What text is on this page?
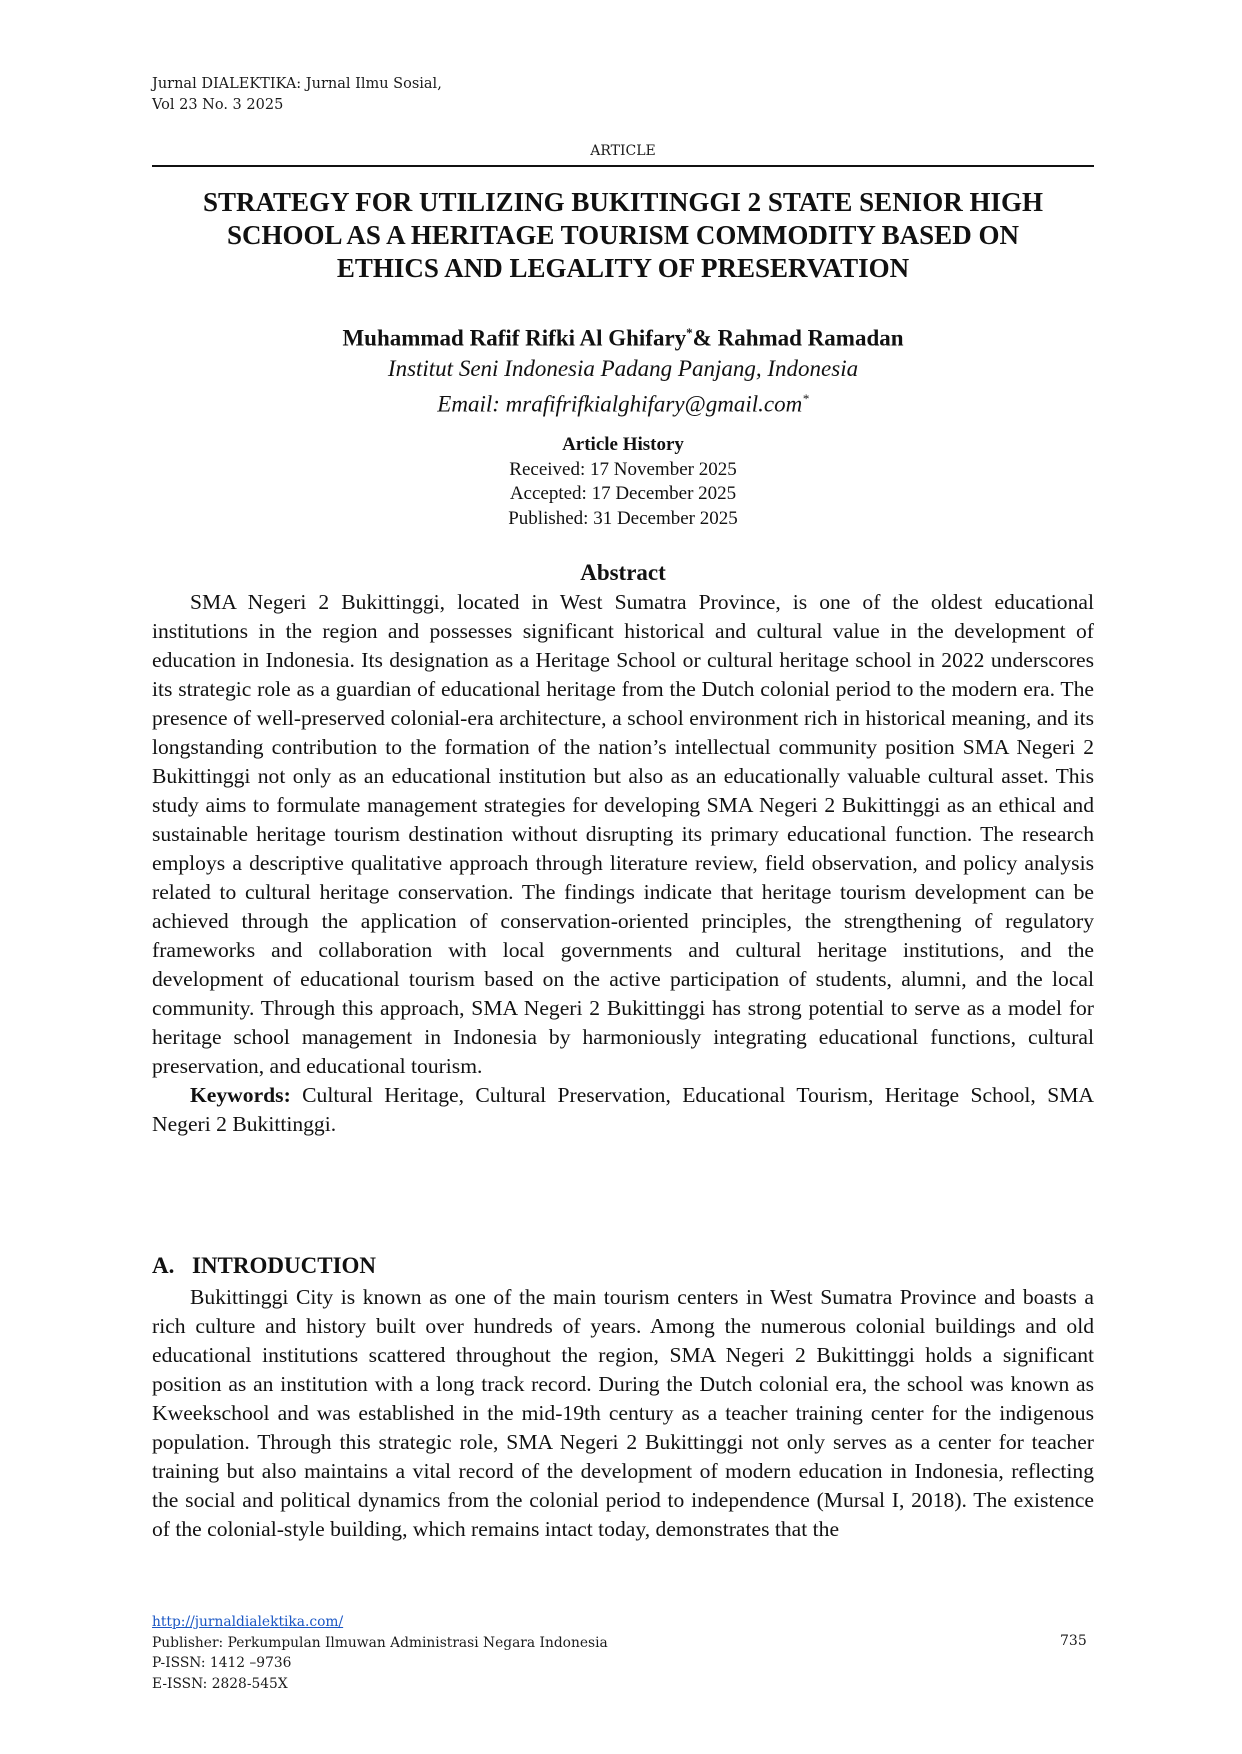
Jurnal DIALEKTIKA: Jurnal Ilmu Sosial,
Vol 23 No. 3 2025
ARTICLE
STRATEGY FOR UTILIZING BUKITINGGI 2 STATE SENIOR HIGH
SCHOOL AS A HERITAGE TOURISM COMMODITY BASED ON
ETHICS AND LEGALITY OF PRESERVATION
Muhammad Rafif Rifki Al Ghifary*& Rahmad Ramadan
Institut Seni Indonesia Padang Panjang, Indonesia
Email: mrafifrifkialghifary@gmail.com*
Article History
Received: 17 November 2025
Accepted: 17 December 2025
Published: 31 December 2025
Abstract

SMA Negeri 2 Bukittinggi, located in West Sumatra Province, is one of the oldest educational institutions in the region and possesses significant historical and cultural value in the development of education in Indonesia. Its designation as a Heritage School or cultural heritage school in 2022 underscores its strategic role as a guardian of educational heritage from the Dutch colonial period to the modern era. The presence of well-preserved colonial-era architecture, a school environment rich in historical meaning, and its longstanding contribution to the formation of the nation’s intellectual community position SMA Negeri 2 Bukittinggi not only as an educational institution but also as an educationally valuable cultural asset. This study aims to formulate management strategies for developing SMA Negeri 2 Bukittinggi as an ethical and sustainable heritage tourism destination without disrupting its primary educational function. The research employs a descriptive qualitative approach through literature review, field observation, and policy analysis related to cultural heritage conservation. The findings indicate that heritage tourism development can be achieved through the application of conservation-oriented principles, the strengthening of regulatory frameworks and collaboration with local governments and cultural heritage institutions, and the development of educational tourism based on the active participation of students, alumni, and the local community. Through this approach, SMA Negeri 2 Bukittinggi has strong potential to serve as a model for heritage school management in Indonesia by harmoniously integrating educational functions, cultural preservation, and educational tourism.

Keywords: Cultural Heritage, Cultural Preservation, Educational Tourism, Heritage School, SMA Negeri 2 Bukittinggi.

A. INTRODUCTION

Bukittinggi City is known as one of the main tourism centers in West Sumatra Province and boasts a rich culture and history built over hundreds of years. Among the numerous colonial buildings and old educational institutions scattered throughout the region, SMA Negeri 2 Bukittinggi holds a significant position as an institution with a long track record. During the Dutch colonial era, the school was known as Kweekschool and was established in the mid-19th century as a teacher training center for the indigenous population. Through this strategic role, SMA Negeri 2 Bukittinggi not only serves as a center for teacher training but also maintains a vital record of the development of modern education in Indonesia, reflecting the social and political dynamics from the colonial period to independence (Mursal I, 2018). The existence of the colonial-style building, which remains intact today, demonstrates that the

http://jurnaldialektika.com/
Publisher: Perkumpulan Ilmuwan Administrasi Negara Indonesia
P-ISSN: 1412 –9736
E-ISSN: 2828-545X
735
